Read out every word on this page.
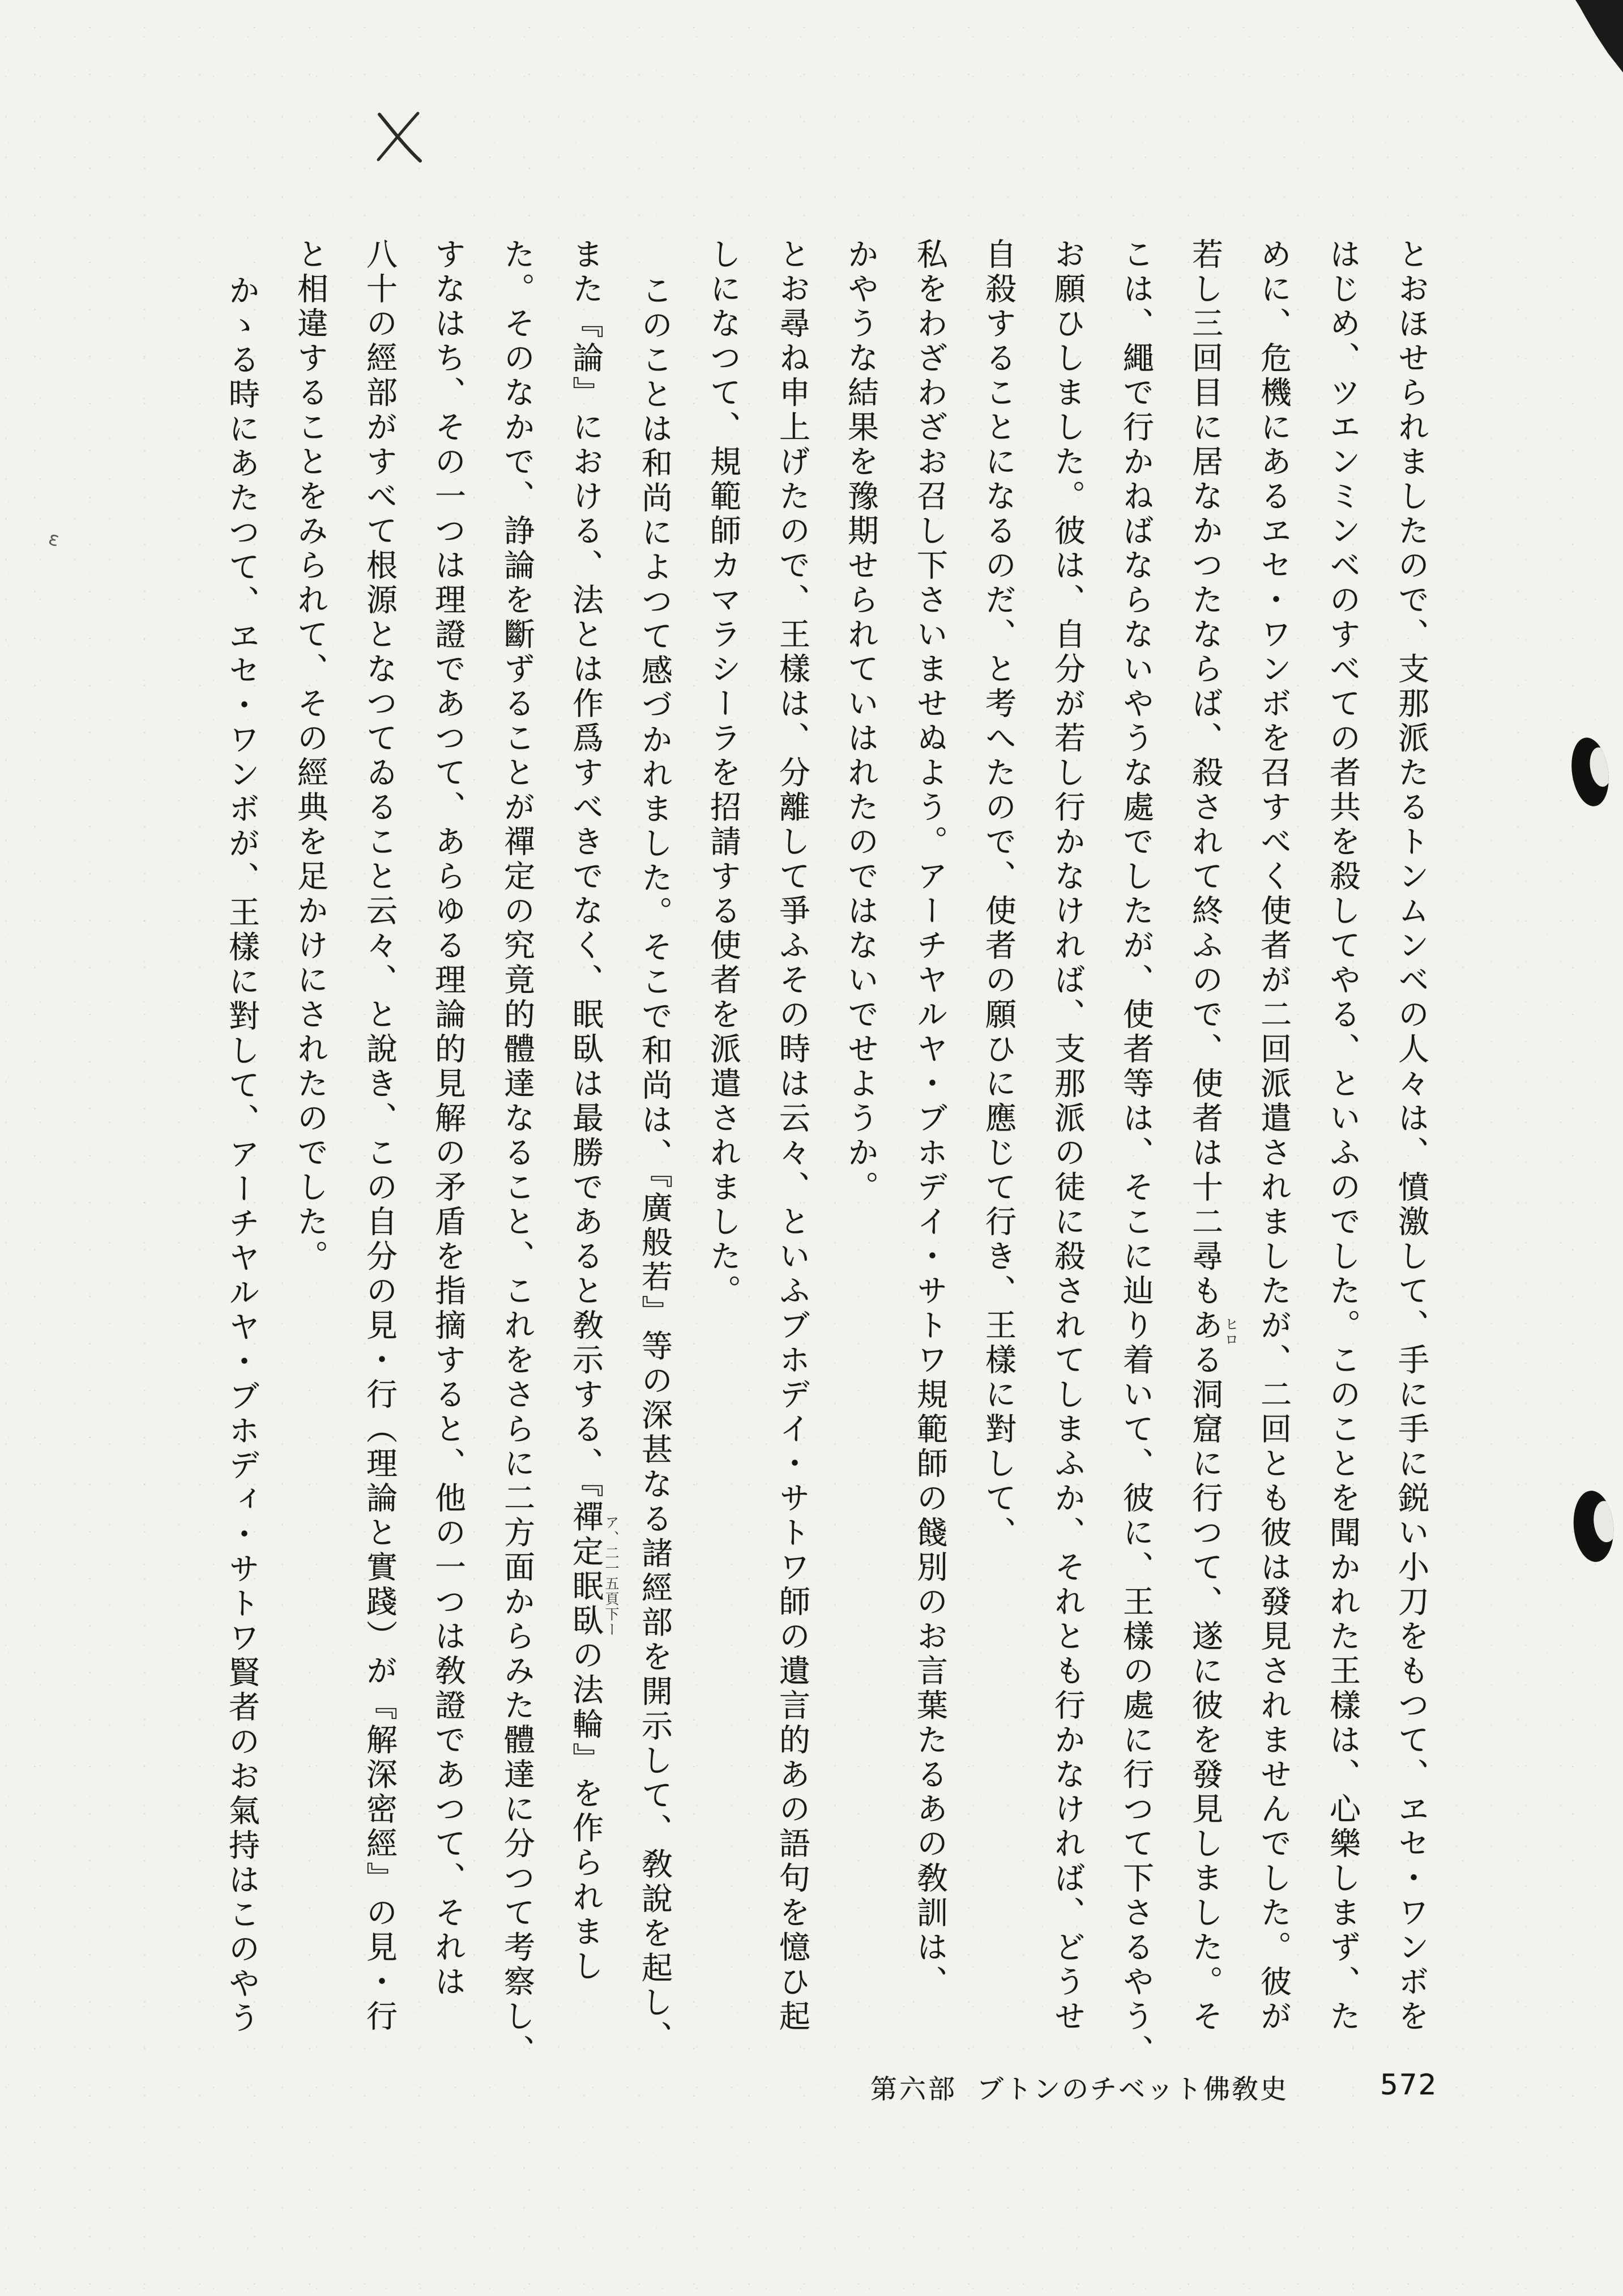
ε	とおほせられましたので、支那派たるトンムンベの人々は、憤激して、手に手に鋭い小刀をもつて、ヱセ・ワンボを
はじめ、ツエンミンベのすべての者共を殺してやる、といふのでした。このことを聞かれた王樣は、心樂しまず、た
めに、危機にあるヱセ・ワンボを召すべく使者が二回派遣されましたが、二回とも彼は發見されませんでした。彼が
若し三回目に居なかつたならば、殺されて終ふので、使者は十二尋もある洞窟に行つて、遂に彼を發見しました。そ ヒロ
こは、繩で行かねばならないやうな處でしたが、使者等は、そこに辿り着いて、彼に、王樣の處に行つて下さるやう、
お願ひしました。彼は、自分が若し行かなければ、支那派の徒に殺されてしまふか、それとも行かなければ、どうせ
自殺することになるのだ、と考へたので、使者の願ひに應じて行き、王樣に對して、
私をわざわざお召し下さいませぬよう。アーチヤルヤ・ブホデイ・サトワ規範師の餞別のお言葉たるあの敎訓は、
かやうな結果を豫期せられていはれたのではないでせようか。
とお尋ね申上げたので、王樣は、分離して爭ふその時は云々、といふブホデイ・サトワ師の遺言的あの語句を憶ひ起
しになつて、規範師カマラシーラを招請する使者を派遣されました。
このことは和尚によつて感づかれました。そこで和尚は、『廣般若』等の深甚なる諸經部を開示して、敎說を起し、
また『論』における、法とは作爲すべきでなく、眠臥は最勝であると敎示する、『禪定眠臥の法輪』を作られまし ア、二一五頁下ー
た。そのなかで、諍論を斷ずることが禪定の究竟的體達なること、これをさらに二方面からみた體達に分つて考察し、
すなはち、その一つは理證であつて、あらゆる理論的見解の矛盾を指摘すると、他の一つは敎證であつて、それは
八十の經部がすべて根源となつてゐること云々、と說き、この自分の見・行（理論と實踐）が『解深密經』の見・行
と相違することをみられて、その經典を足かけにされたのでした。
かゝる時にあたつて、ヱセ・ワンボが、王樣に對して、アーチヤルヤ・ブホディ・サトワ賢者のお氣持はこのやう
第六部 ブトンのチベット佛敎史	572
